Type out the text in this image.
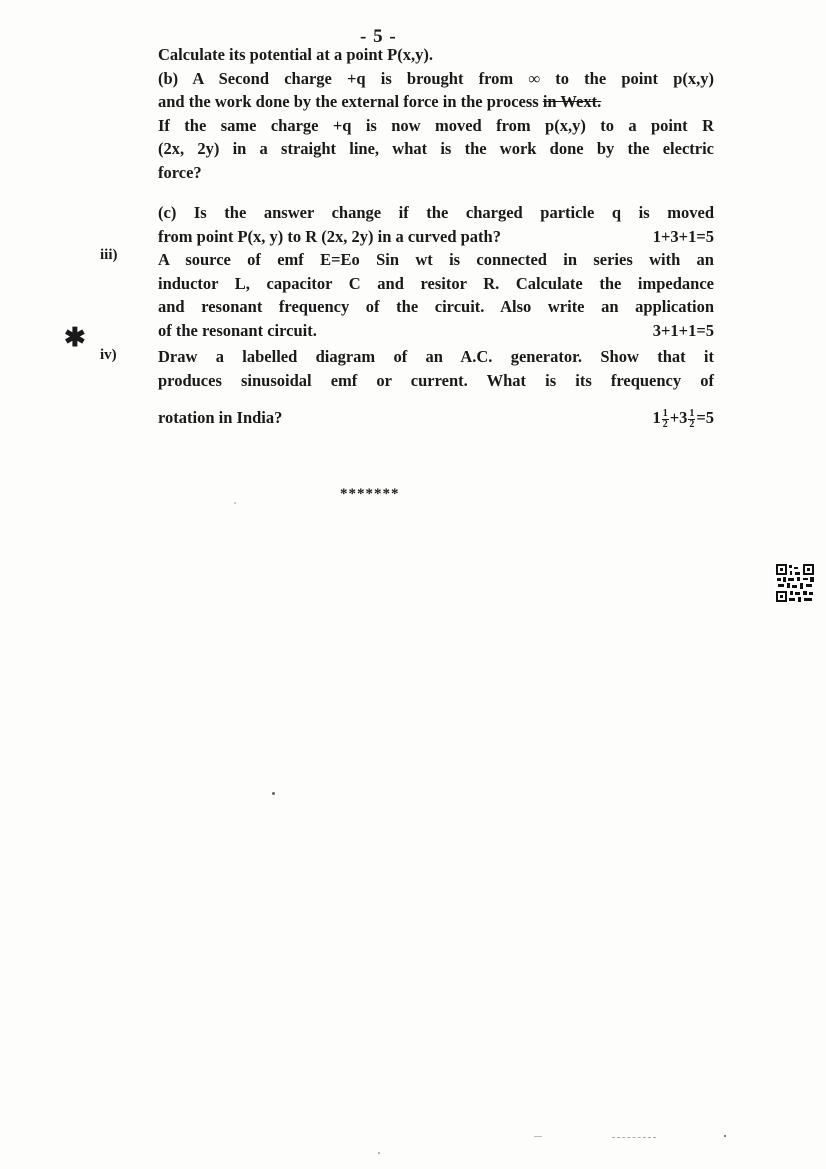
- 5 -
Calculate its potential at a point P(x,y).
(b) A Second charge +q is brought from ∞ to the point p(x,y)
and the work done by the external force in the process in Wext.
If the same charge +q is now moved from p(x,y) to a point R
(2x, 2y) in a straight line, what is the work done by the electric
force?
(c) Is the answer change if the charged particle q is moved
from point P(x, y) to R (2x, 2y) in a curved path?	1+3+1=5
iii) A source of emf E=Eo Sin wt is connected in series with an
inductor L, capacitor C and resitor R. Calculate the impedance
and resonant frequency of the circuit. Also write an application
of the resonant circuit.	3+1+1=5
✱
iv)	Draw a labelled diagram of an A.C. generator. Show that it
produces sinusoidal emf or current. What is its frequency of
rotation in India?	$1 \frac{1}{2} +3 \frac{1}{2} =5$
*******
